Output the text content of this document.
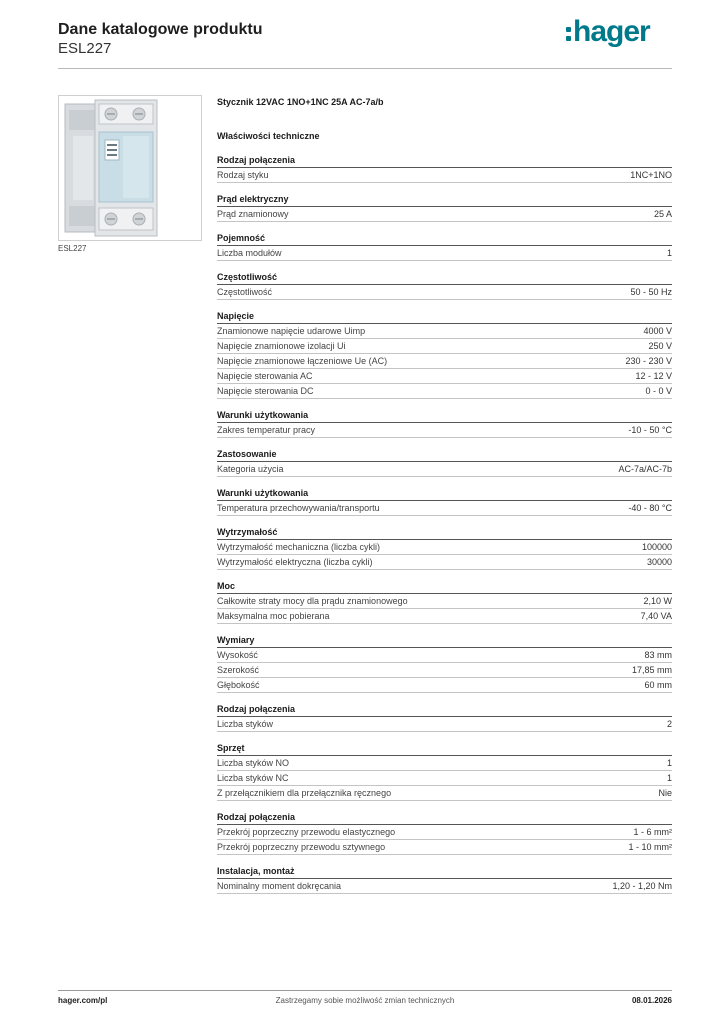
Dane katalogowe produktu
ESL227
hager
ESL227
Stycznik 12VAC 1NO+1NC 25A AC-7a/b
Właściwości techniczne
Rodzaj połączenia
Rodzaj styku	1NC+1NO
Prąd elektryczny
Prąd znamionowy	25 A
Pojemność
Liczba modułów	1
Częstotliwość
Częstotliwość	50 - 50 Hz
Napięcie
Znamionowe napięcie udarowe Uimp	4000 V
Napięcie znamionowe izolacji Ui	250 V
Napięcie znamionowe łączeniowe Ue (AC)	230 - 230 V
Napięcie sterowania AC	12 - 12 V
Napięcie sterowania DC	0 - 0 V
Warunki użytkowania
Zakres temperatur pracy	-10 - 50 °C
Zastosowanie
Kategoria użycia	AC-7a/AC-7b
Warunki użytkowania
Temperatura przechowywania/transportu	-40 - 80 °C
Wytrzymałość
Wytrzymałość mechaniczna (liczba cykli)	100000
Wytrzymałość elektryczna (liczba cykli)	30000
Moc
Całkowite straty mocy dla prądu znamionowego	2,10 W
Maksymalna moc pobierana	7,40 VA
Wymiary
Wysokość	83 mm
Szerokość	17,85 mm
Głębokość	60 mm
Rodzaj połączenia
Liczba styków	2
Sprzęt
Liczba styków NO	1
Liczba styków NC	1
Z przełącznikiem dla przełącznika ręcznego	Nie
Rodzaj połączenia
Przekrój poprzeczny przewodu elastycznego	1 - 6 mm²
Przekrój poprzeczny przewodu sztywnego	1 - 10 mm²
Instalacja, montaż
Nominalny moment dokręcania	1,20 - 1,20 Nm
hager.com/pl	Zastrzegamy sobie możliwość zmian technicznych	08.01.2026
